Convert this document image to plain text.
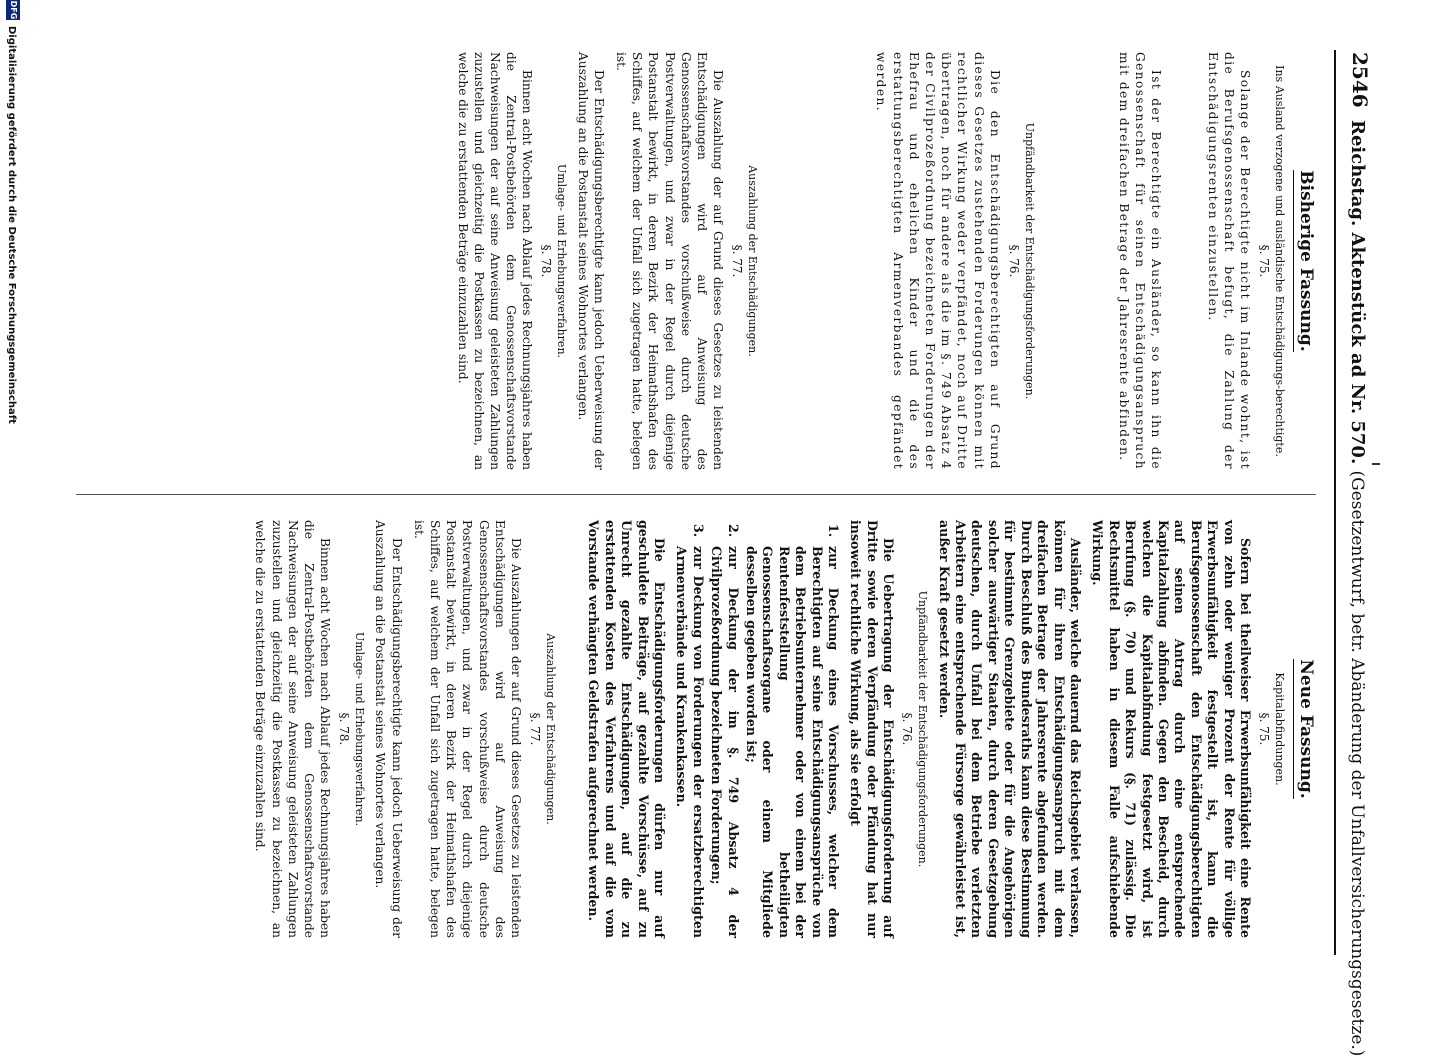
2546
Reichstag. Aktenstück ad Nr. 570. (Gesetzentwurf, betr. Abänderung der Unfallversicherungsgesetze.)
Bisherige Fassung.
Ins Ausland verzogene und ausländische Entschädigungs-berechtigte.
§. 75.

Solange der Berechtigte nicht im Inlande wohnt, ist die Berufsgenossenschaft befugt, die Zahlung der Entschädigungsrenten einzustellen.

Ist der Berechtigte ein Ausländer, so kann ihn die Genossenschaft für seinen Entschädigungsanspruch mit dem dreifachen Betrage der Jahresrente abfinden.

Unpfändbarkeit der Entschädigungsforderungen.
§. 76.

Die den Entschädigungsberechtigten auf Grund dieses Gesetzes zustehenden Forderungen können mit rechtlicher Wirkung weder verpfändet, noch auf Dritte übertragen, noch für andere als die im §. 749 Absatz 4 der Civilprozeßordnung bezeichneten Forderungen der Ehefrau und ehelichen Kinder und die des erstattungsberechtigten Armenverbandes gepfändet werden.

Auszahlung der Entschädigungen.
§. 77.

Die Auszahlung der auf Grund dieses Gesetzes zu leistenden Entschädigungen wird auf Anweisung des Genossenschaftsvorstandes vorschußweise durch deutsche Postverwaltungen, und zwar in der Regel durch diejenige Postanstalt bewirkt, in deren Bezirk der Heimathshafen des Schiffes, auf welchem der Unfall sich zugetragen hatte, belegen ist.

Der Entschädigungsberechtigte kann jedoch Ueberweisung der Auszahlung an die Postanstalt seines Wohnortes verlangen.

Umlage- und Erhebungsverfahren.
§. 78.

Binnen acht Wochen nach Ablauf jedes Rechnungsjahres haben die Zentral-Postbehörden dem Genossenschaftsvorstande Nachweisungen der auf seine Anweisung geleisteten Zahlungen zuzustellen und gleichzeitig die Postkassen zu bezeichnen, an welche die zu erstattenden Beträge einzuzahlen sind.

Neue Fassung.
Kapitalabfindungen.
§. 75.

Sofern bei theilweiser Erwerbsunfähigkeit eine Rente von zehn oder weniger Prozent der Rente für völlige Erwerbsunfähigkeit festgestellt ist, kann die Berufsgenossenschaft den Entschädigungsberechtigten auf seinen Antrag durch eine entsprechende Kapitalzahlung abfinden. Gegen den Bescheid, durch welchen die Kapitalabfindung festgesetzt wird, ist Berufung (§. 70) und Rekurs (§. 71) zulässig. Die Rechtsmittel haben in diesem Falle aufschiebende Wirkung.

Ausländer, welche dauernd das Reichsgebiet verlassen, können für ihren Entschädigungsanspruch mit dem dreifachen Betrage der Jahresrente abgefunden werden. Durch Beschluß des Bundesraths kann diese Bestimmung für bestimmte Grenzgebiete oder für die Angehörigen solcher auswärtiger Staaten, durch deren Gesetzgebung deutschen, durch Unfall bei dem Betriebe verletzten Arbeitern eine entsprechende Fürsorge gewährleistet ist, außer Kraft gesetzt werden.

Unpfändbarkeit der Entschädigungsforderungen.
§. 76.

Die Uebertragung der Entschädigungsforderung auf Dritte sowie deren Verpfändung oder Pfändung hat nur insoweit rechtliche Wirkung, als sie erfolgt

1.
zur Deckung eines Vorschusses, welcher dem Berechtigten auf seine Entschädigungsansprüche von dem Betriebsunternehmer oder von einem bei der Rentenfeststellung betheiligten Genossenschaftsorgane oder einem Mitgliede desselben gegeben worden ist;
2.
zur Deckung der im §. 749 Absatz 4 der Civilprozeßordnung bezeichneten Forderungen;
3.
zur Deckung von Forderungen der ersatzberechtigten Armenverbände und Krankenkassen.

Die Entschädigungsforderungen dürfen nur auf geschuldete Beiträge, auf gezahlte Vorschüsse, auf zu Unrecht gezahlte Entschädigungen, auf die zu erstattenden Kosten des Verfahrens und auf die vom Vorstande verhängten Geldstrafen aufgerechnet werden.

Auszahlung der Entschädigungen.
§. 77.

Die Auszahlungen der auf Grund dieses Gesetzes zu leistenden Entschädigungen wird auf Anweisung des Genossenschaftsvorstandes vorschußweise durch deutsche Postverwaltungen, und zwar in der Regel durch diejenige Postanstalt bewirkt, in deren Bezirk der Heimathshafen des Schiffes, auf welchem der Unfall sich zugetragen hatte, belegen ist.

Der Entschädigungsberechtigte kann jedoch Ueberweisung der Auszahlung an die Postanstalt seines Wohnortes verlangen.

Umlage- und Erhebungsverfahren.
§. 78.

Binnen acht Wochen nach Ablauf jedes Rechnungsjahres haben die Zentral-Postbehörden dem Genossenschaftsvorstande Nachweisungen der auf seine Anweisung geleisteten Zahlungen zuzustellen und gleichzeitig die Postkassen zu bezeichnen, an welche die zu erstattenden Beträge einzuzahlen sind.

DFG
Digitalisierung gefördert durch die Deutsche Forschungsgemeinschaft
